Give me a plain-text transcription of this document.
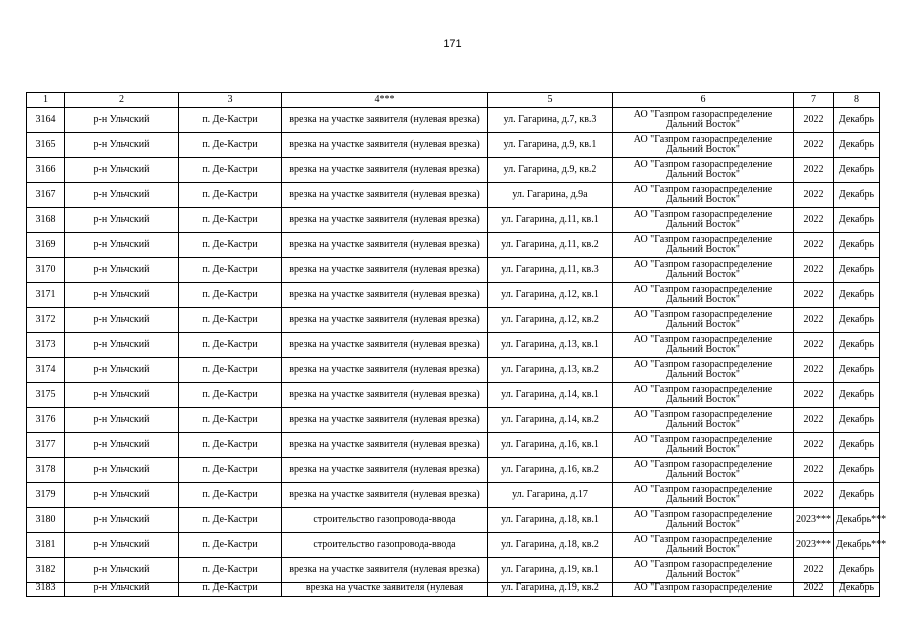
171
1	2	3	4***	5	6	7	8
3164	р-н Ульчский	п. Де-Кастри	врезка на участке заявителя (нулевая врезка)	ул. Гагарина, д.7, кв.3	АО "Газпром газораспределение Дальний Восток"	2022	Декабрь
3165	р-н Ульчский	п. Де-Кастри	врезка на участке заявителя (нулевая врезка)	ул. Гагарина, д.9, кв.1	АО "Газпром газораспределение Дальний Восток"	2022	Декабрь
3166	р-н Ульчский	п. Де-Кастри	врезка на участке заявителя (нулевая врезка)	ул. Гагарина, д.9, кв.2	АО "Газпром газораспределение Дальний Восток"	2022	Декабрь
3167	р-н Ульчский	п. Де-Кастри	врезка на участке заявителя (нулевая врезка)	ул. Гагарина, д.9а	АО "Газпром газораспределение Дальний Восток"	2022	Декабрь
3168	р-н Ульчский	п. Де-Кастри	врезка на участке заявителя (нулевая врезка)	ул. Гагарина, д.11, кв.1	АО "Газпром газораспределение Дальний Восток"	2022	Декабрь
3169	р-н Ульчский	п. Де-Кастри	врезка на участке заявителя (нулевая врезка)	ул. Гагарина, д.11, кв.2	АО "Газпром газораспределение Дальний Восток"	2022	Декабрь
3170	р-н Ульчский	п. Де-Кастри	врезка на участке заявителя (нулевая врезка)	ул. Гагарина, д.11, кв.3	АО "Газпром газораспределение Дальний Восток"	2022	Декабрь
3171	р-н Ульчский	п. Де-Кастри	врезка на участке заявителя (нулевая врезка)	ул. Гагарина, д.12, кв.1	АО "Газпром газораспределение Дальний Восток"	2022	Декабрь
3172	р-н Ульчский	п. Де-Кастри	врезка на участке заявителя (нулевая врезка)	ул. Гагарина, д.12, кв.2	АО "Газпром газораспределение Дальний Восток"	2022	Декабрь
3173	р-н Ульчский	п. Де-Кастри	врезка на участке заявителя (нулевая врезка)	ул. Гагарина, д.13, кв.1	АО "Газпром газораспределение Дальний Восток"	2022	Декабрь
3174	р-н Ульчский	п. Де-Кастри	врезка на участке заявителя (нулевая врезка)	ул. Гагарина, д.13, кв.2	АО "Газпром газораспределение Дальний Восток"	2022	Декабрь
3175	р-н Ульчский	п. Де-Кастри	врезка на участке заявителя (нулевая врезка)	ул. Гагарина, д.14, кв.1	АО "Газпром газораспределение Дальний Восток"	2022	Декабрь
3176	р-н Ульчский	п. Де-Кастри	врезка на участке заявителя (нулевая врезка)	ул. Гагарина, д.14, кв.2	АО "Газпром газораспределение Дальний Восток"	2022	Декабрь
3177	р-н Ульчский	п. Де-Кастри	врезка на участке заявителя (нулевая врезка)	ул. Гагарина, д.16, кв.1	АО "Газпром газораспределение Дальний Восток"	2022	Декабрь
3178	р-н Ульчский	п. Де-Кастри	врезка на участке заявителя (нулевая врезка)	ул. Гагарина, д.16, кв.2	АО "Газпром газораспределение Дальний Восток"	2022	Декабрь
3179	р-н Ульчский	п. Де-Кастри	врезка на участке заявителя (нулевая врезка)	ул. Гагарина, д.17	АО "Газпром газораспределение Дальний Восток"	2022	Декабрь
3180	р-н Ульчский	п. Де-Кастри	строительство газопровода-ввода	ул. Гагарина, д.18, кв.1	АО "Газпром газораспределение Дальний Восток"	2023***	Декабрь***
3181	р-н Ульчский	п. Де-Кастри	строительство газопровода-ввода	ул. Гагарина, д.18, кв.2	АО "Газпром газораспределение Дальний Восток"	2023***	Декабрь***
3182	р-н Ульчский	п. Де-Кастри	врезка на участке заявителя (нулевая врезка)	ул. Гагарина, д.19, кв.1	АО "Газпром газораспределение Дальний Восток"	2022	Декабрь
3183	р-н Ульчский	п. Де-Кастри	врезка на участке заявителя (нулевая	ул. Гагарина, д.19, кв.2	АО "Газпром газораспределение	2022	Декабрь
